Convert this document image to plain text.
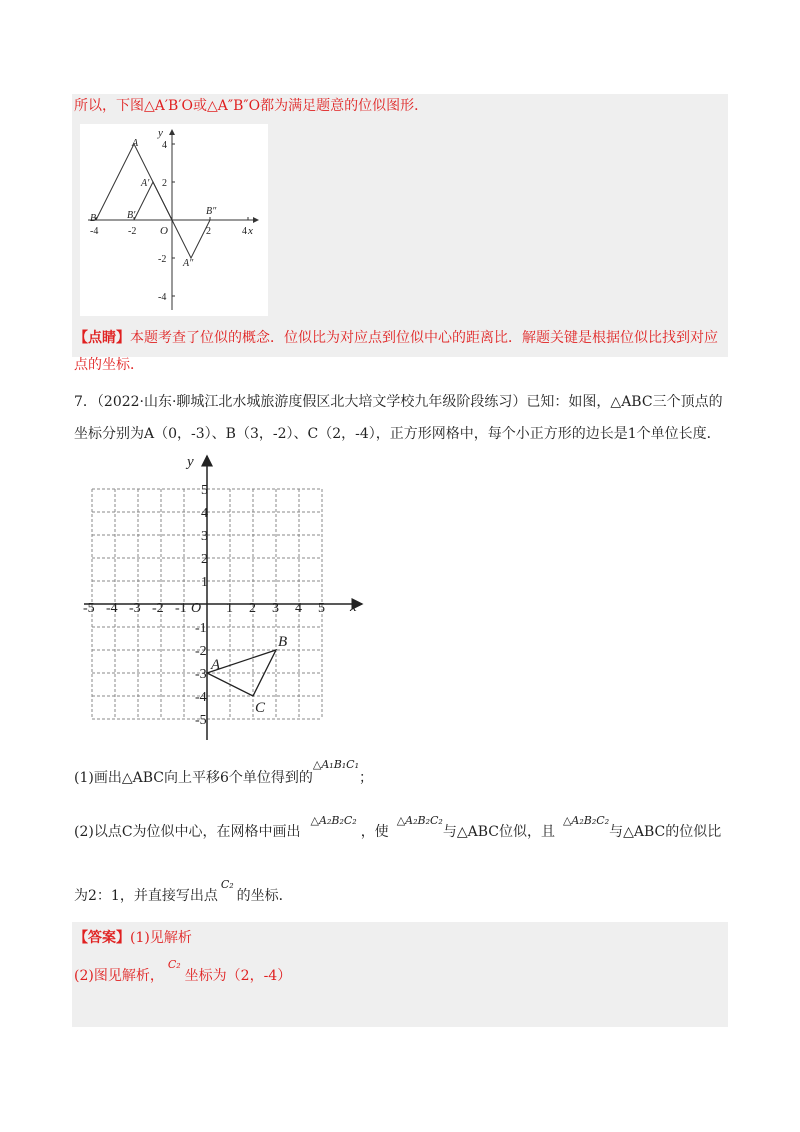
所以，下图△A′B′O或△A″B″O都为满足题意的位似图形．
y
x
O
A
A′
A″
B	B′	B″
-4	-2	2	4
4
2
-2
-4
【点睛】本题考查了位似的概念．位似比为对应点到位似中心的距离比．解题关键是根据位似比找到对应
点的坐标．
7．（2022·山东·聊城江北水城旅游度假区北大培文学校九年级阶段练习）已知：如图，△ABC三个顶点的
坐标分别为A（0，-3）、B（3，-2）、C（2，-4），正方形网格中，每个小正方形的边长是1个单位长度．
y
x
O
-5 -4 -3 -2 -1	1 2 3 4 5
5
4
3
2
1
-1
-2
-3
-4
-5
A
B
C
(1)画出△ABC向上平移6个单位得到的$^{\triangle A_1B_1C_1}$；
(2)以点C为位似中心，在网格中画出$^{\triangle A_2B_2C_2}$，使$^{\triangle A_2B_2C_2}$与△ABC位似，且$^{\triangle A_2B_2C_2}$与△ABC的位似比
为2：1，并直接写出点$^{C_2}$的坐标．
【答案】(1)见解析
(2)图见解析，$^{C_2}$坐标为（2，-4）
